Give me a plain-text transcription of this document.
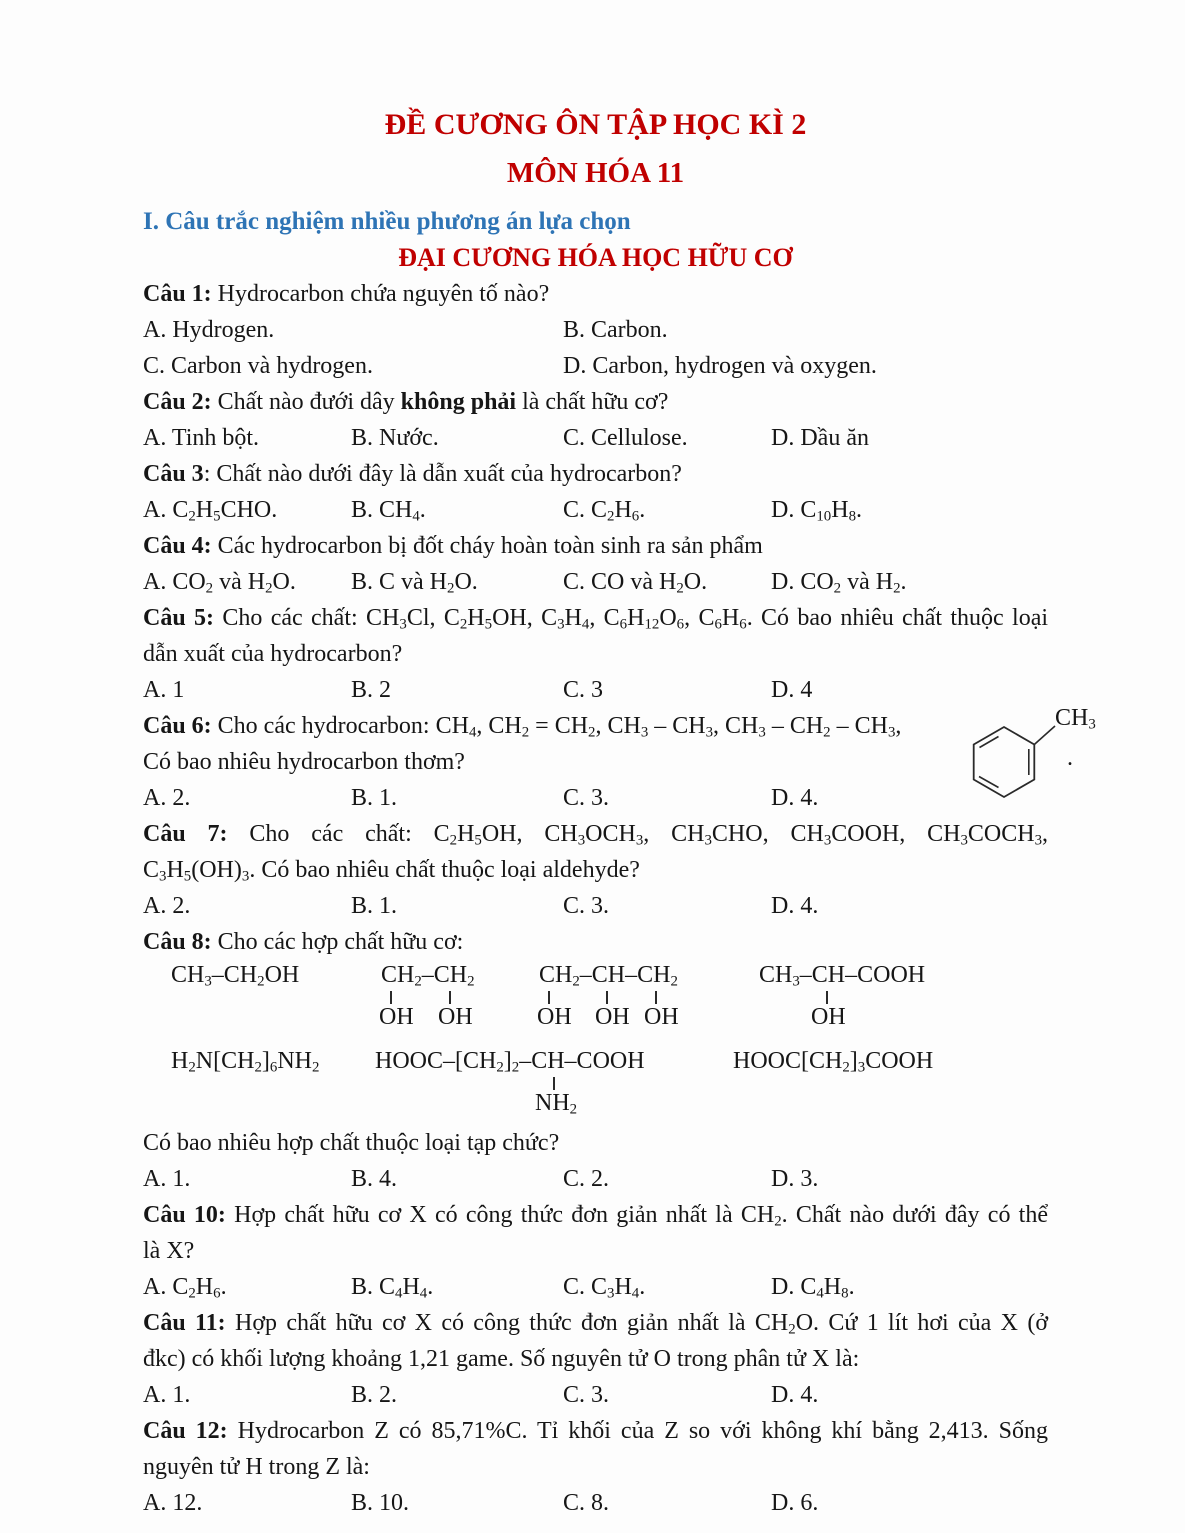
ĐỀ CƯƠNG ÔN TẬP HỌC KÌ 2
MÔN HÓA 11
I. Câu trắc nghiệm nhiều phương án lựa chọn
ĐẠI CƯƠNG HÓA HỌC HỮU CƠ
Câu 1: Hydrocarbon chứa nguyên tố nào?
A. Hydrogen.	B. Carbon.
C. Carbon và hydrogen.	D. Carbon, hydrogen và oxygen.
Câu 2: Chất nào đưới dây không phải là chất hữu cơ?
A. Tinh bột.	B. Nước.	C. Cellulose.	D. Dầu ăn
Câu 3: Chất nào dưới đây là dẫn xuất của hydrocarbon?
A. $C_2H_5CHO$.	B. $CH_4$.	C. $C_2H_6$.	D. $C_{10}H_8$.
Câu 4: Các hydrocarbon bị đốt cháy hoàn toàn sinh ra sản phẩm
A. $CO_2$ và $H_2O$.	B. C và $H_2O$.	C. CO và $H_2O$.	D. $CO_2$ và $H_2$.
Câu 5: Cho các chất: $CH_3Cl$, $C_2H_5OH$, $C_3H_4$, $C_6H_{12}O_6$, $C_6H_6$. Có bao nhiêu chất thuộc loại
dẫn xuất của hydrocarbon?
A. 1	B. 2	C. 3	D. 4
Câu 6: Cho các hydrocarbon: $CH_4$, $CH_2 = CH_2$, $CH_3 - CH_3$, $CH_3 - CH_2 - CH_3$,	$CH_3$
.
Có bao nhiêu hydrocarbon thơm?
A. 2.	B. 1.	C. 3.	D. 4.
Câu 7: Cho các chất: $C_2H_5OH$, $CH_3OCH_3$, $CH_3CHO$, $CH_3COOH$, $CH_3COCH_3$,
$C_3H_5(OH)_3$. Có bao nhiêu chất thuộc loại aldehyde?
A. 2.	B. 1.	C. 3.	D. 4.
Câu 8: Cho các hợp chất hữu cơ:
$CH_3-CH_2OH$	$CH_2-CH_2$
OH OH
$CH_2-CH-CH_2$
OH OH OH
$CH_3-CH$–COOH
OH
$H_2N[CH_2]_6NH_2$ HOOC–$[CH_2]_2-CH$–COOH
$NH_2$
$HOOC[CH_2]_3COOH$
Có bao nhiêu hợp chất thuộc loại tạp chức?
A. 1.	B. 4.	C. 2.	D. 3.
Câu 10: Hợp chất hữu cơ X có công thức đơn giản nhất là $CH_2$. Chất nào dưới đây có thể
là X?
A. $C_2H_6$.	B. $C_4H_4$.	C. $C_3H_4$.	D. $C_4H_8$.
Câu 11: Hợp chất hữu cơ X có công thức đơn giản nhất là $CH_2O$. Cứ 1 lít hơi của X (ở
đkc) có khối lượng khoảng 1,21 game. Số nguyên tử O trong phân tử X là:
A. 1.	B. 2.	C. 3.	D. 4.
Câu 12: Hydrocarbon Z có 85,71%C. Tỉ khối của Z so với không khí bằng 2,413. Sống
nguyên tử H trong Z là:
A. 12.	B. 10.	C. 8.	D. 6.
